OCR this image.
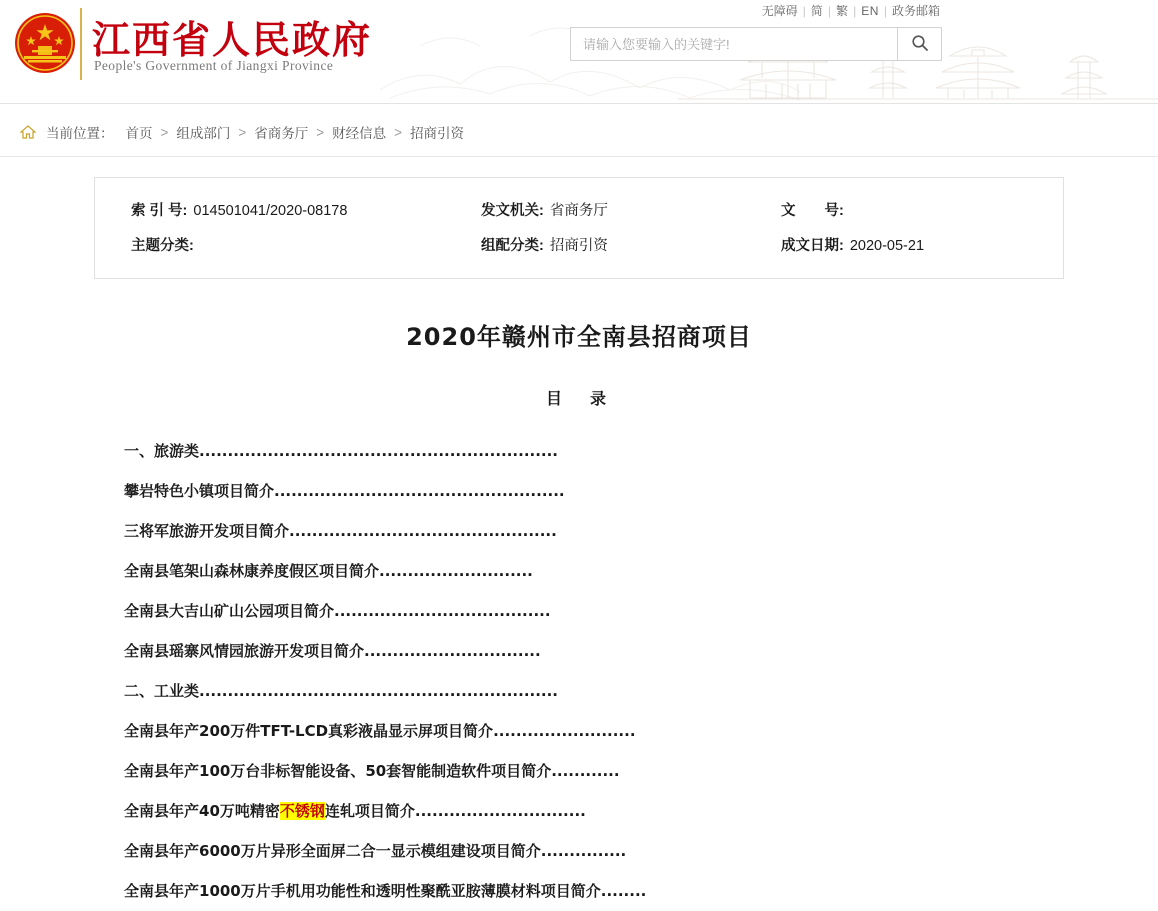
江西省人民政府
People's Government of Jiangxi Province
无障碍 | 简 | 繁 | EN | 政务邮箱
请输入您要输入的关键字!
当前位置： 首页 > 组成部门 > 省商务厅 > 财经信息 > 招商引资
索 引 号: 014501041/2020-08178	发文机关: 省商务厅	文　　号:
主题分类:	组配分类: 招商引资	成文日期: 2020-05-21
2020年赣州市全南县招商项目
目　录
一、旅游类...............................................................
攀岩特色小镇项目简介...................................................
三将军旅游开发项目简介...............................................
全南县笔架山森林康养度假区项目简介...........................
全南县大吉山矿山公园项目简介......................................
全南县瑶寨风情园旅游开发项目简介...............................
二、工业类...............................................................
全南县年产200万件TFT-LCD真彩液晶显示屏项目简介.........................
全南县年产100万台非标智能设备、50套智能制造软件项目简介............
全南县年产40万吨精密不锈钢连轧项目简介..............................
全南县年产6000万片异形全面屏二合一显示模组建设项目简介...............
全南县年产1000万片手机用功能性和透明性聚酰亚胺薄膜材料项目简介........
